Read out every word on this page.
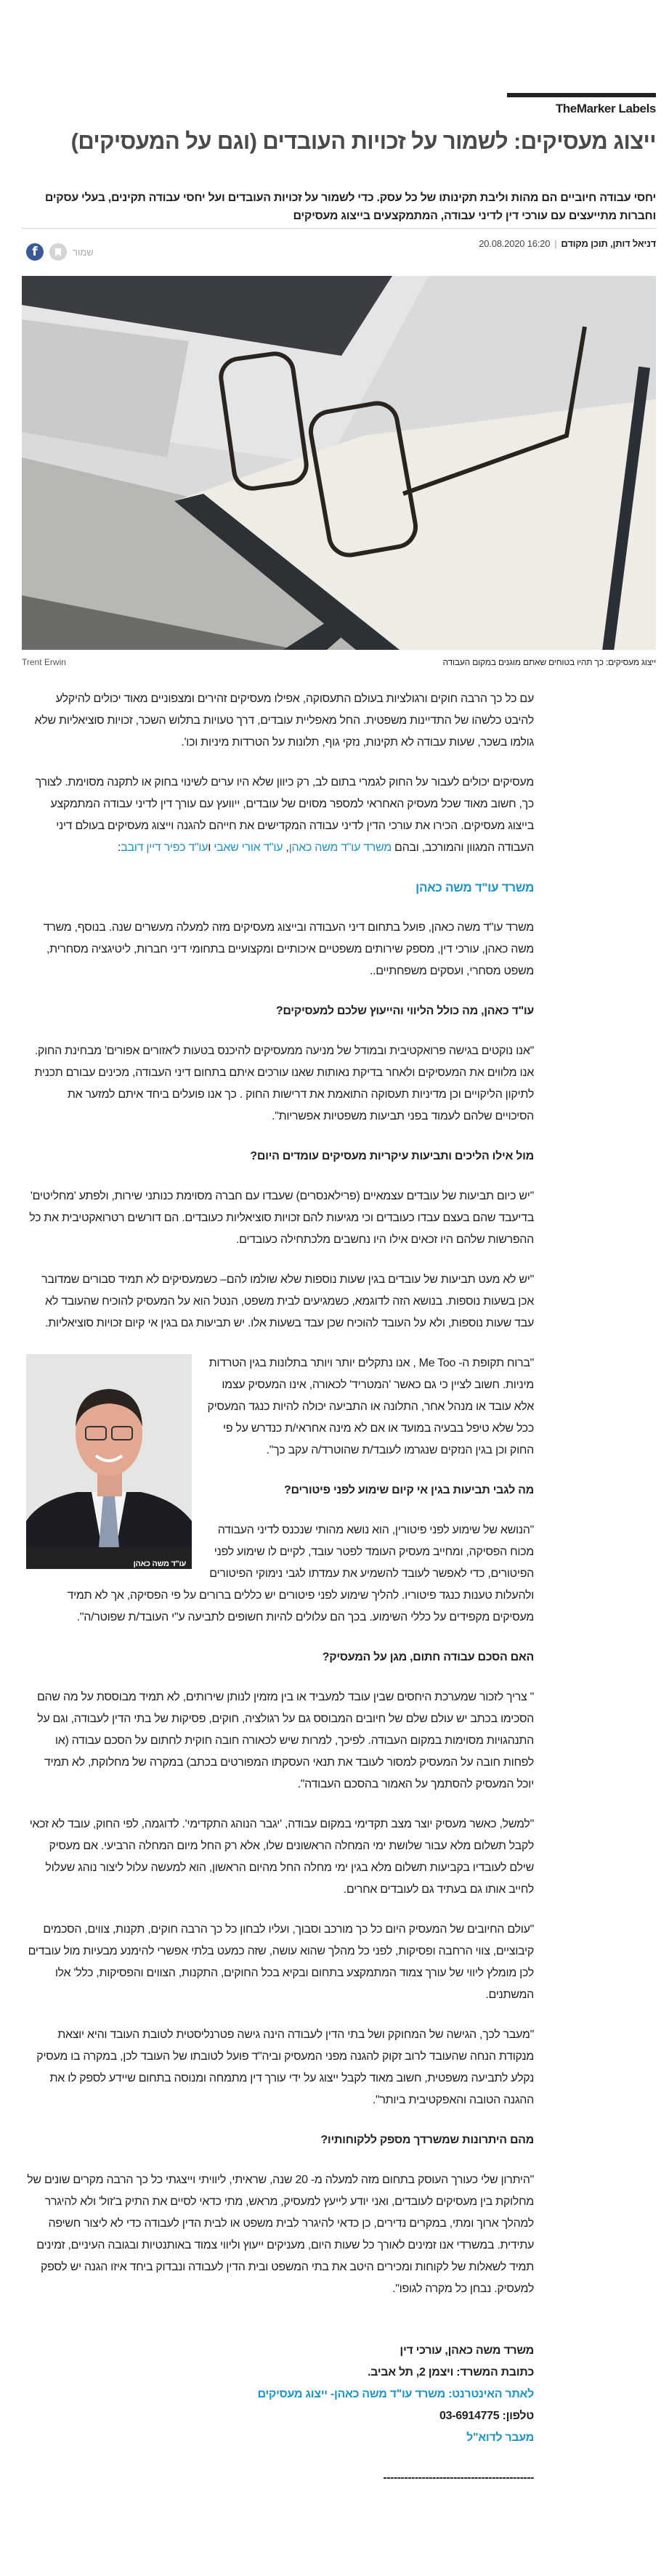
TheMarker Labels
ייצוג מעסיקים: לשמור על זכויות העובדים (וגם על המעסיקים)
יחסי עבודה חיוביים הם מהות וליבת תקינותו של כל עסק. כדי לשמור על זכויות העובדים ועל יחסי עבודה תקינים, בעלי עסקים וחברות מתייעצים עם עורכי דין לדיני עבודה, המתמקצעים בייצוג מעסיקים
דניאל דותן, תוכן מקודם|20.08.2020 16:20
f	שמור
ייצוג מעסיקים: כך תהיו בטוחים שאתם מוגנים במקום העבודה
Trent Erwin

עם כל כך הרבה חוקים ורגולציות בעולם התעסוקה, אפילו מעסיקים זהירים ומצפוניים מאוד יכולים להיקלע להיבט כלשהו של התדיינות משפטית. החל מאפליית עובדים, דרך טעויות בתלוש השכר, זכויות סוציאליות שלא גולמו בשכר, שעות עבודה לא תקינות, נזקי גוף, תלונות על הטרדות מיניות וכו'.

מעסיקים יכולים לעבור על החוק לגמרי בתום לב, רק כיוון שלא היו ערים לשינוי בחוק או לתקנה מסוימת. לצורך כך, חשוב מאוד שכל מעסיק האחראי למספר מסוים של עובדים, ייוועץ עם עורך דין לדיני עבודה המתמקצע בייצוג מעסיקים. הכירו את עורכי הדין לדיני עבודה המקדישים את חייהם להגנה וייצוג מעסיקים בעולם דיני העבודה המגוון והמורכב, ובהם משרד עו"ד משה כאהן, עו"ד אורי שאבי ועו"ד כפיר דיין דובב:

משרד עו"ד משה כאהן

משרד עו"ד משה כאהן, פועל בתחום דיני העבודה ובייצוג מעסיקים מזה למעלה מעשרים שנה. בנוסף, משרד משה כאהן, עורכי דין, מספק שירותים משפטיים איכותיים ומקצועיים בתחומי דיני חברות, ליטיגציה מסחרית, משפט מסחרי, ועסקים משפחתיים..

עו"ד כאהן, מה כולל הליווי והייעוץ שלכם למעסיקים?

"אנו נוקטים בגישה פרואקטיבית ובמודל של מניעה ממעסיקים להיכנס בטעות ל'אזורים אפורים' מבחינת החוק. אנו מלווים את המעסיקים ולאחר בדיקת נאותות שאנו עורכים איתם בתחום דיני העבודה, מכינים עבורם תכנית לתיקון הליקויים וכן מדיניות תעסוקה התואמת את דרישות החוק . כך אנו פועלים ביחד איתם למזער את הסיכויים שלהם לעמוד בפני תביעות משפטיות אפשריות".

מול אילו הליכים ותביעות עיקריות מעסיקים עומדים היום?

"יש כיום תביעות של עובדים עצמאיים (פרילאנסרים) שעבדו עם חברה מסוימת כנותני שירות, ולפתע 'מחליטים' בדיעבד שהם בעצם עבדו כעובדים וכי מגיעות להם זכויות סוציאליות כעובדים. הם דורשים רטרואקטיבית את כל ההפרשות שלהם היו זכאים אילו היו נחשבים מלכתחילה כעובדים.

"יש לא מעט תביעות של עובדים בגין שעות נוספות שלא שולמו להם– כשמעסיקים לא תמיד סבורים שמדובר אכן בשעות נוספות. בנושא הזה לדוגמא, כשמגיעים לבית משפט, הנטל הוא על המעסיק להוכיח שהעובד לא עבד שעות נוספות, ולא על העובד להוכיח שכן עבד בשעות אלו. יש תביעות גם בגין אי קיום זכויות סוציאליות.

עו"ד משה כאהן

"ברוח תקופת ה- Me Too , אנו נתקלים יותר ויותר בתלונות בגין הטרדות מיניות. חשוב לציין כי גם כאשר 'המטריד' לכאורה, אינו המעסיק עצמו אלא עובד או מנהל אחר, התלונה או התביעה יכולה להיות כנגד המעסיק ככל שלא טיפל בבעיה במועד או אם לא מינה אחראי/ת כנדרש על פי החוק וכן בגין הנזקים שנגרמו לעובד/ת שהוטרד/ה עקב כך".

מה לגבי תביעות בגין אי קיום שימוע לפני פיטורים?

"הנושא של שימוע לפני פיטורין, הוא נושא מהותי שנכנס לדיני העבודה מכוח הפסיקה, ומחייב מעסיק העומד לפטר עובד, לקיים לו שימוע לפני הפיטורים, כדי לאפשר לעובד להשמיע את עמדתו לגבי נימוקי הפיטורים ולהעלות טענות כנגד פיטוריו. להליך שימוע לפני פיטורים יש כללים ברורים על פי הפסיקה, אך לא תמיד מעסיקים מקפידים על כללי השימוע. בכך הם עלולים להיות חשופים לתביעה ע"י העובד/ת שפוטר/ה".

האם הסכם עבודה חתום, מגן על המעסיק?

" צריך לזכור שמערכת היחסים שבין עובד למעביד או בין מזמין לנותן שירותים, לא תמיד מבוססת על מה שהם הסכימו בכתב יש עולם שלם של חיובים המבוסס גם על רגולציה, חוקים, פסיקות של בתי הדין לעבודה, וגם על התנהגויות מסוימות במקום העבודה. לפיכך, למרות שיש לכאורה חובה חוקית לחתום על הסכם עבודה (או לפחות חובה על המעסיק למסור לעובד את תנאי העסקתו המפורטים בכתב) במקרה של מחלוקת, לא תמיד יוכל המעסיק להסתמך על האמור בהסכם העבודה".

"למשל, כאשר מעסיק יוצר מצב תקדימי במקום עבודה, 'יגבר הנוהג התקדימי'. לדוגמה, לפי החוק, עובד לא זכאי לקבל תשלום מלא עבור שלושת ימי המחלה הראשונים שלו, אלא רק החל מיום המחלה הרביעי. אם מעסיק שילם לעובדיו בקביעות תשלום מלא בגין ימי מחלה החל מהיום הראשון, הוא למעשה עלול ליצור נוהג שעלול לחייב אותו גם בעתיד גם לעובדים אחרים.

"עולם החיובים של המעסיק היום כל כך מורכב וסבוך, ועליו לבחון כל כך הרבה חוקים, תקנות, צווים, הסכמים קיבוציים, צווי הרחבה ופסיקות, לפני כל מהלך שהוא עושה, שזה כמעט בלתי אפשרי להימנע מבעיות מול עובדים לכן מומלץ ליווי של עורך צמוד המתמקצע בתחום ובקיא בכל החוקים, התקנות, הצווים והפסיקות, כלל' אלו המשתנים.

"מעבר לכך, הגישה של המחוקק ושל בתי הדין לעבודה הינה גישה פטרנליסטית לטובת העובד והיא יוצאת מנקודת הנחה שהעובד לרוב זקוק להגנה מפני המעסיק וביה"ד פועל לטובתו של העובד לכן, במקרה בו מעסיק נקלע לתביעה משפטית, חשוב מאוד לקבל ייצוג על ידי עורך דין מתמחה ומנוסה בתחום שיידע לספק לו את ההגנה הטובה והאפקטיבית ביותר".

מהם היתרונות שמשרדך מספק ללקוחותיו?

"היתרון שלי כעורך העוסק בתחום מזה למעלה מ- 20 שנה, שראיתי, ליוויתי וייצגתי כל כך הרבה מקרים שונים של מחלוקת בין מעסיקים לעובדים, ואני יודע לייעץ למעסיק, מראש, מתי כדאי לסיים את התיק ב'זול' ולא להיגרר למהלך ארוך ומתי, במקרים נדירים, כן כדאי להיגרר לבית משפט או לבית הדין לעבודה כדי לא ליצור חשיפה עתידית. במשרדי אנו זמינים לאורך כל שעות היום, מעניקים ייעוץ וליווי צמוד באותנטיות ובגובה העיניים, זמינים תמיד לשאלות של לקוחות ומכירים היטב את בתי המשפט ובית הדין לעבודה ונבדוק ביחד איזו הגנה יש לספק למעסיק. נבחן כל מקרה לגופו".

משרד משה כאהן, עורכי דין

כתובת המשרד: ויצמן 2, תל אביב.

לאתר האינטרנט: משרד עו"ד משה כאהן- ייצוג מעסיקים

טלפון: 03-6914775

מעבר לדוא"ל

-------------------------------------------
